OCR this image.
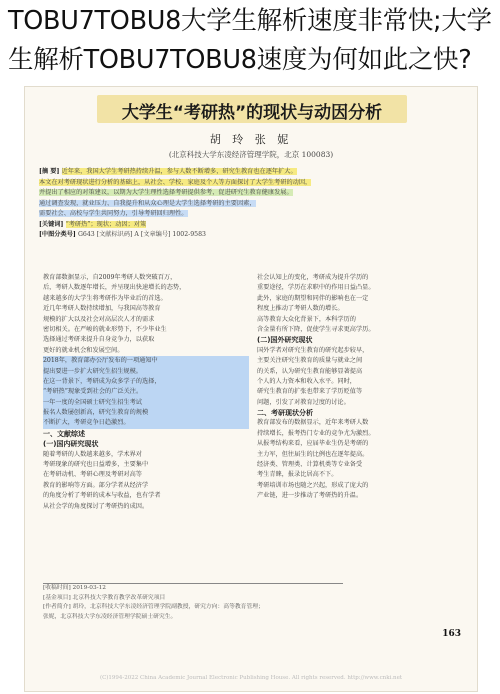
TOBU7TOBU8大学生解析速度非常快;大学生解析TOBU7TOBU8速度为何如此之快?
大学生“考研热”的现状与动因分析
胡 玲 张 妮
(北京科技大学东凌经济管理学院，北京 100083)
[摘 要] 近年来，我国大学生考研热持续升温，参与人数不断增多，研究生教育也在逐年扩大。
本文在对考研现状进行分析的基础上，从社会、学校、家庭及个人等方面探讨了大学生考研的动因，
并提出了相应的对策建议，以期为大学生理性选择考研提供参考，促进研究生教育健康发展。
通过调查发现，就业压力、自我提升和从众心理是大学生选择考研的主要因素，
需要社会、高校与学生共同努力，引导考研回归理性。
[关键词] “考研热”；现状；动因；对策
[中图分类号] G643 [文献标识码] A [文章编号] 1002-9583
教育部数据显示，自2009年考研人数突破百万，
后，考研人数逐年增长，并呈现出快速增长的态势，
越来越多的大学生将考研作为毕业后的首选。
近几年考研人数持续增加，与我国高等教育
规模的扩大以及社会对高层次人才的需求
密切相关。在严峻的就业形势下，不少毕业生
选择通过考研来提升自身竞争力，以获取
更好的就业机会和发展空间。
2018年，教育部办公厅发布的一项通知中
提出要进一步扩大研究生招生规模。
在这一背景下，考研成为众多学子的选择，
“考研热”现象受到社会的广泛关注。
一年一度的全国硕士研究生招生考试
报名人数屡创新高，研究生教育的规模
不断扩大，考研竞争日趋激烈。
一、文献综述
(一)国内研究现状
随着考研的人数越来越多，学术界对
考研现象的研究也日益增多，主要集中
在考研动机、考研心理及考研对高等
教育的影响等方面。部分学者从经济学
的角度分析了考研的成本与收益，也有学者
从社会学的角度探讨了考研热的成因。
社会认知上的变化，考研成为提升学历的
重要途径，学历在求职中的作用日益凸显。
此外，家庭的期望和同伴的影响也在一定
程度上推动了考研人数的增长。
高等教育大众化背景下，本科学历的
含金量有所下降，促使学生寻求更高学历。
(二)国外研究现状
国外学者对研究生教育的研究起步较早，
主要关注研究生教育的质量与就业之间
的关系，认为研究生教育能够显著提高
个人的人力资本和收入水平。同时，
研究生教育的扩张也带来了学历贬值等
问题，引发了对教育过度的讨论。
二、考研现状分析
教育部发布的数据显示，近年来考研人数
持续增长，报考热门专业的竞争尤为激烈。
从报考结构来看，应届毕业生仍是考研的
主力军，但往届生的比例也在逐年提高。
经济类、管理类、计算机类等专业备受
考生青睐，报录比居高不下。
考研培训市场也随之兴起，形成了庞大的
产业链，进一步推动了考研热的升温。
[收稿时间] 2019-03-12
[基金项目] 北京科技大学教育教学改革研究项目
[作者简介] 胡玲，北京科技大学东凌经济管理学院副教授，研究方向：高等教育管理；
张妮，北京科技大学东凌经济管理学院硕士研究生。
163
(C)1994-2022 China Academic Journal Electronic Publishing House. All rights reserved. http://www.cnki.net
